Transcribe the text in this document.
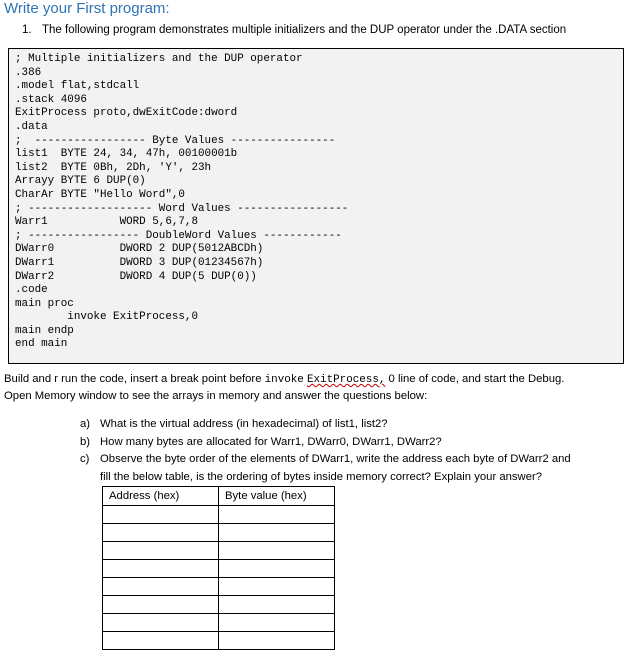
Write your First program:
1. The following program demonstrates multiple initializers and the DUP operator under the .DATA section
; Multiple initializers and the DUP operator
.386
.model flat,stdcall
.stack 4096
ExitProcess proto,dwExitCode:dword
.data
;  ----------------- Byte Values ----------------
list1  BYTE 24, 34, 47h, 00100001b
list2  BYTE 0Bh, 2Dh, 'Y', 23h
Arrayy BYTE 6 DUP(0)
CharAr BYTE "Hello Word",0
; ------------------- Word Values -----------------
Warr1           WORD 5,6,7,8
; ----------------- DoubleWord Values ------------
DWarr0          DWORD 2 DUP(5012ABCDh)
DWarr1          DWORD 3 DUP(01234567h)
DWarr2          DWORD 4 DUP(5 DUP(0))
.code
main proc
invoke ExitProcess,0
main endp
end main
Build and r run the code, insert a break point before invoke ExitProcess, 0 line of code, and start the Debug.
Open Memory window to see the arrays in memory and answer the questions below:
a) What is the virtual address (in hexadecimal) of list1, list2?
b) How many bytes are allocated for Warr1, DWarr0, DWarr1, DWarr2?
c) Observe the byte order of the elements of DWarr1, write the address each byte of DWarr2 and
fill the below table, is the ordering of bytes inside memory correct? Explain your answer?
Address (hex)	Byte value (hex)
